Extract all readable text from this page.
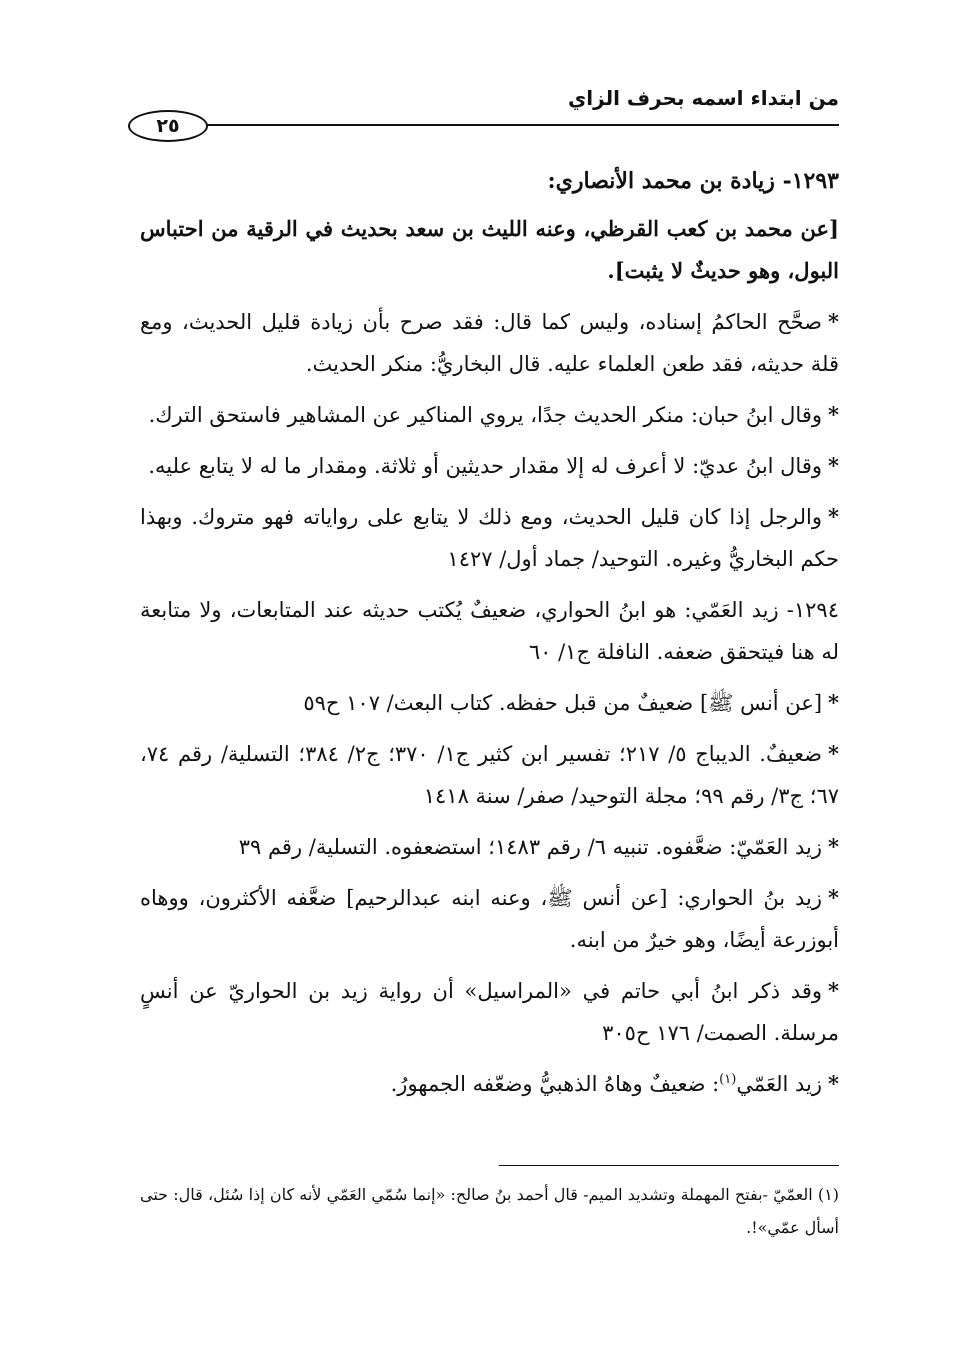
من ابتداء اسمه بحرف الزاي
٢٥

١٢٩٣- زيادة بن محمد الأنصاري:

[عن محمد بن كعب القرظي، وعنه الليث بن سعد بحديث في الرقية من احتباس البول، وهو حديثٌ لا يثبت].

*صحَّح الحاكمُ إسناده، وليس كما قال: فقد صرح بأن زيادة قليل الحديث، ومع قلة حديثه، فقد طعن العلماء عليه. قال البخاريُّ: منكر الحديث.

*وقال ابنُ حبان: منكر الحديث جدًا، يروي المناكير عن المشاهير فاستحق الترك.

*وقال ابنُ عديّ: لا أعرف له إلا مقدار حديثين أو ثلاثة. ومقدار ما له لا يتابع عليه.

*والرجل إذا كان قليل الحديث، ومع ذلك لا يتابع على رواياته فهو متروك. وبهذا حكم البخاريُّ وغيره. التوحيد/ جماد أول/ ١٤٢٧

١٢٩٤- زيد العَمّي: هو ابنُ الحواري، ضعيفٌ يُكتب حديثه عند المتابعات، ولا متابعة له هنا فيتحقق ضعفه. النافلة ج١/ ٦٠

*[عن أنس ﷺ] ضعيفٌ من قبل حفظه. كتاب البعث/ ١٠٧ ح٥٩

*ضعيفٌ. الديباج ٥/ ٢١٧؛ تفسير ابن كثير ج١/ ٣٧٠؛ ج٢/ ٣٨٤؛ التسلية/ رقم ٧٤، ٦٧؛ ج٣/ رقم ٩٩؛ مجلة التوحيد/ صفر/ سنة ١٤١٨

*زيد العَمّيّ: ضعَّفوه. تنبيه ٦/ رقم ١٤٨٣؛ استضعفوه. التسلية/ رقم ٣٩

*زيد بنُ الحواري: [عن أنس ﷺ، وعنه ابنه عبدالرحيم] ضعَّفه الأكثرون، ووهاه أبوزرعة أيضًا، وهو خيرٌ من ابنه.

*وقد ذكر ابنُ أبي حاتم في «المراسيل» أن رواية زيد بن الحواريّ عن أنسٍ مرسلة. الصمت/ ١٧٦ ح٣٠٥

*زيد العَمّي$^{(١)}$: ضعيفٌ وهاهُ الذهبيُّ وضعّفه الجمهورُ.

(١) العمّيّ -بفتح المهملة وتشديد الميم- قال أحمد بنُ صالح: «إنما سُمّي العَمّي لأنه كان إذا سُئل، قال: حتى أسأل عمّي»!.
